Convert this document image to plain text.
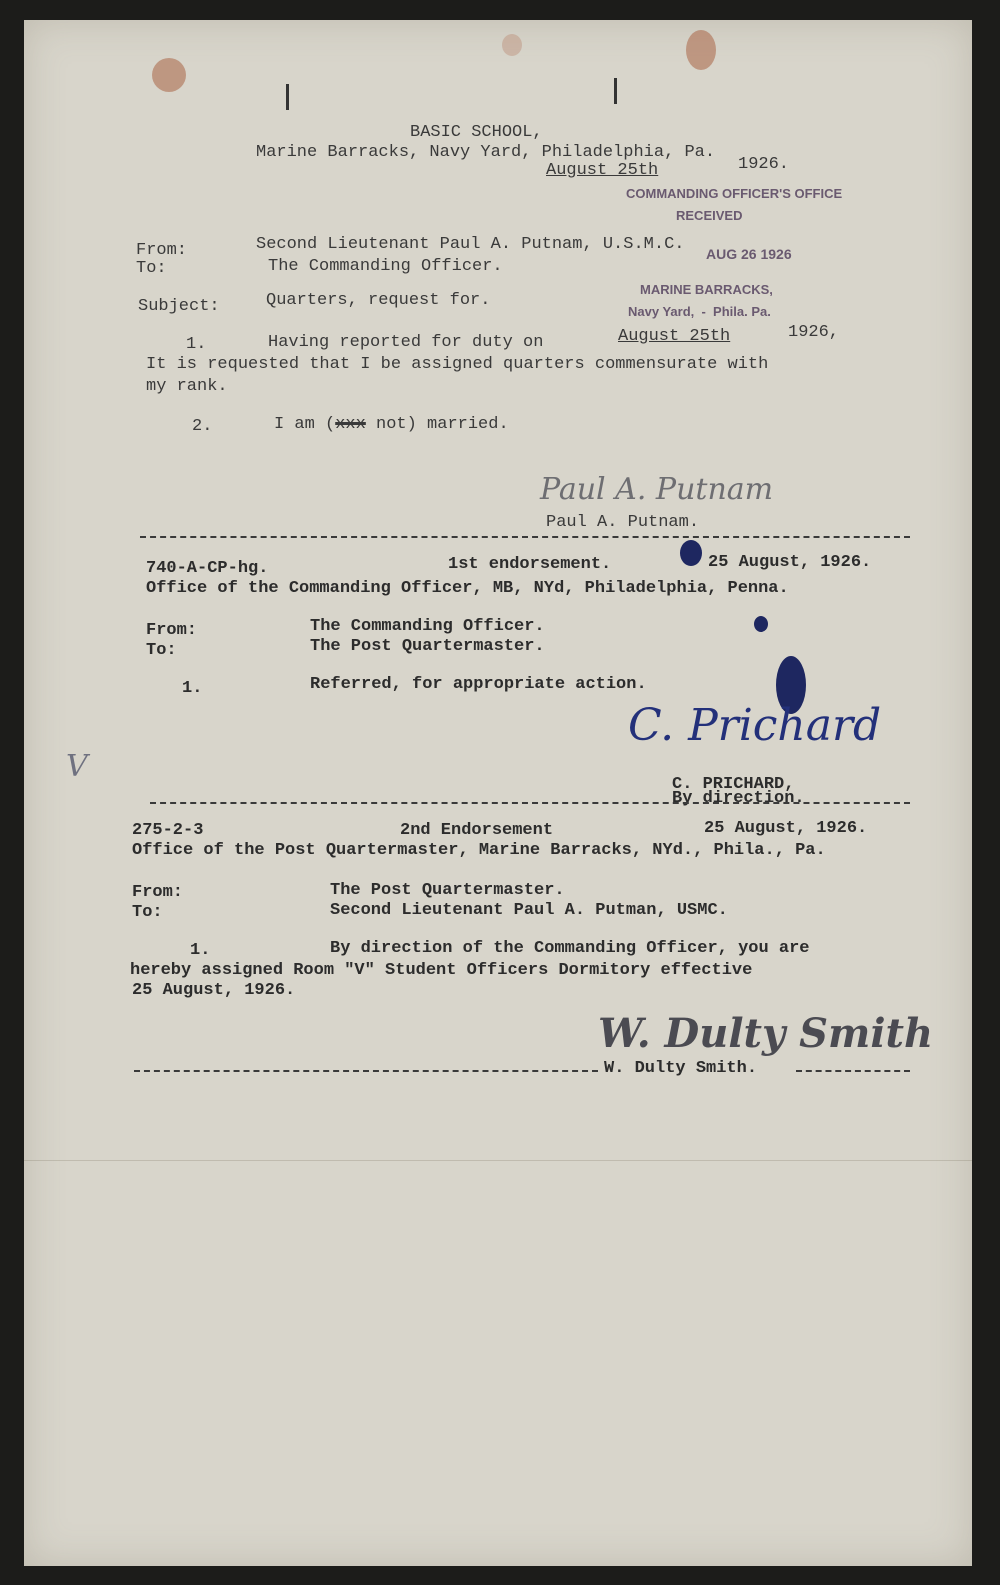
BASIC SCHOOL,
Marine Barracks, Navy Yard, Philadelphia, Pa.
August 25th	1926.
COMMANDING OFFICER'S OFFICE
RECEIVED
AUG 26 1926
MARINE BARRACKS,
Navy Yard,  -  Phila. Pa.
From:	Second Lieutenant Paul A. Putnam, U.S.M.C.
To:	The Commanding Officer.
Subject:	Quarters, request for.
1.	Having reported for duty on	August 25th	1926,
It is requested that I be assigned quarters commensurate with
my rank.
2.	I am (xxx not) married.
Paul A. Putnam
Paul A. Putnam.
740-A-CP-hg.	1st endorsement.	25 August, 1926.
Office of the Commanding Officer, MB, NYd, Philadelphia, Penna.
From:	The Commanding Officer.
To:	The Post Quartermaster.
1.	Referred, for appropriate action.
C. Prichard
C. PRICHARD,
By direction.
V
275-2-3	2nd Endorsement	25 August, 1926.
Office of the Post Quartermaster, Marine Barracks, NYd., Phila., Pa.
From:	The Post Quartermaster.
To:	Second Lieutenant Paul A. Putman, USMC.
1.	By direction of the Commanding Officer, you are
hereby assigned Room "V" Student Officers Dormitory effective
25 August, 1926.
W. Dulty Smith
W. Dulty Smith.
